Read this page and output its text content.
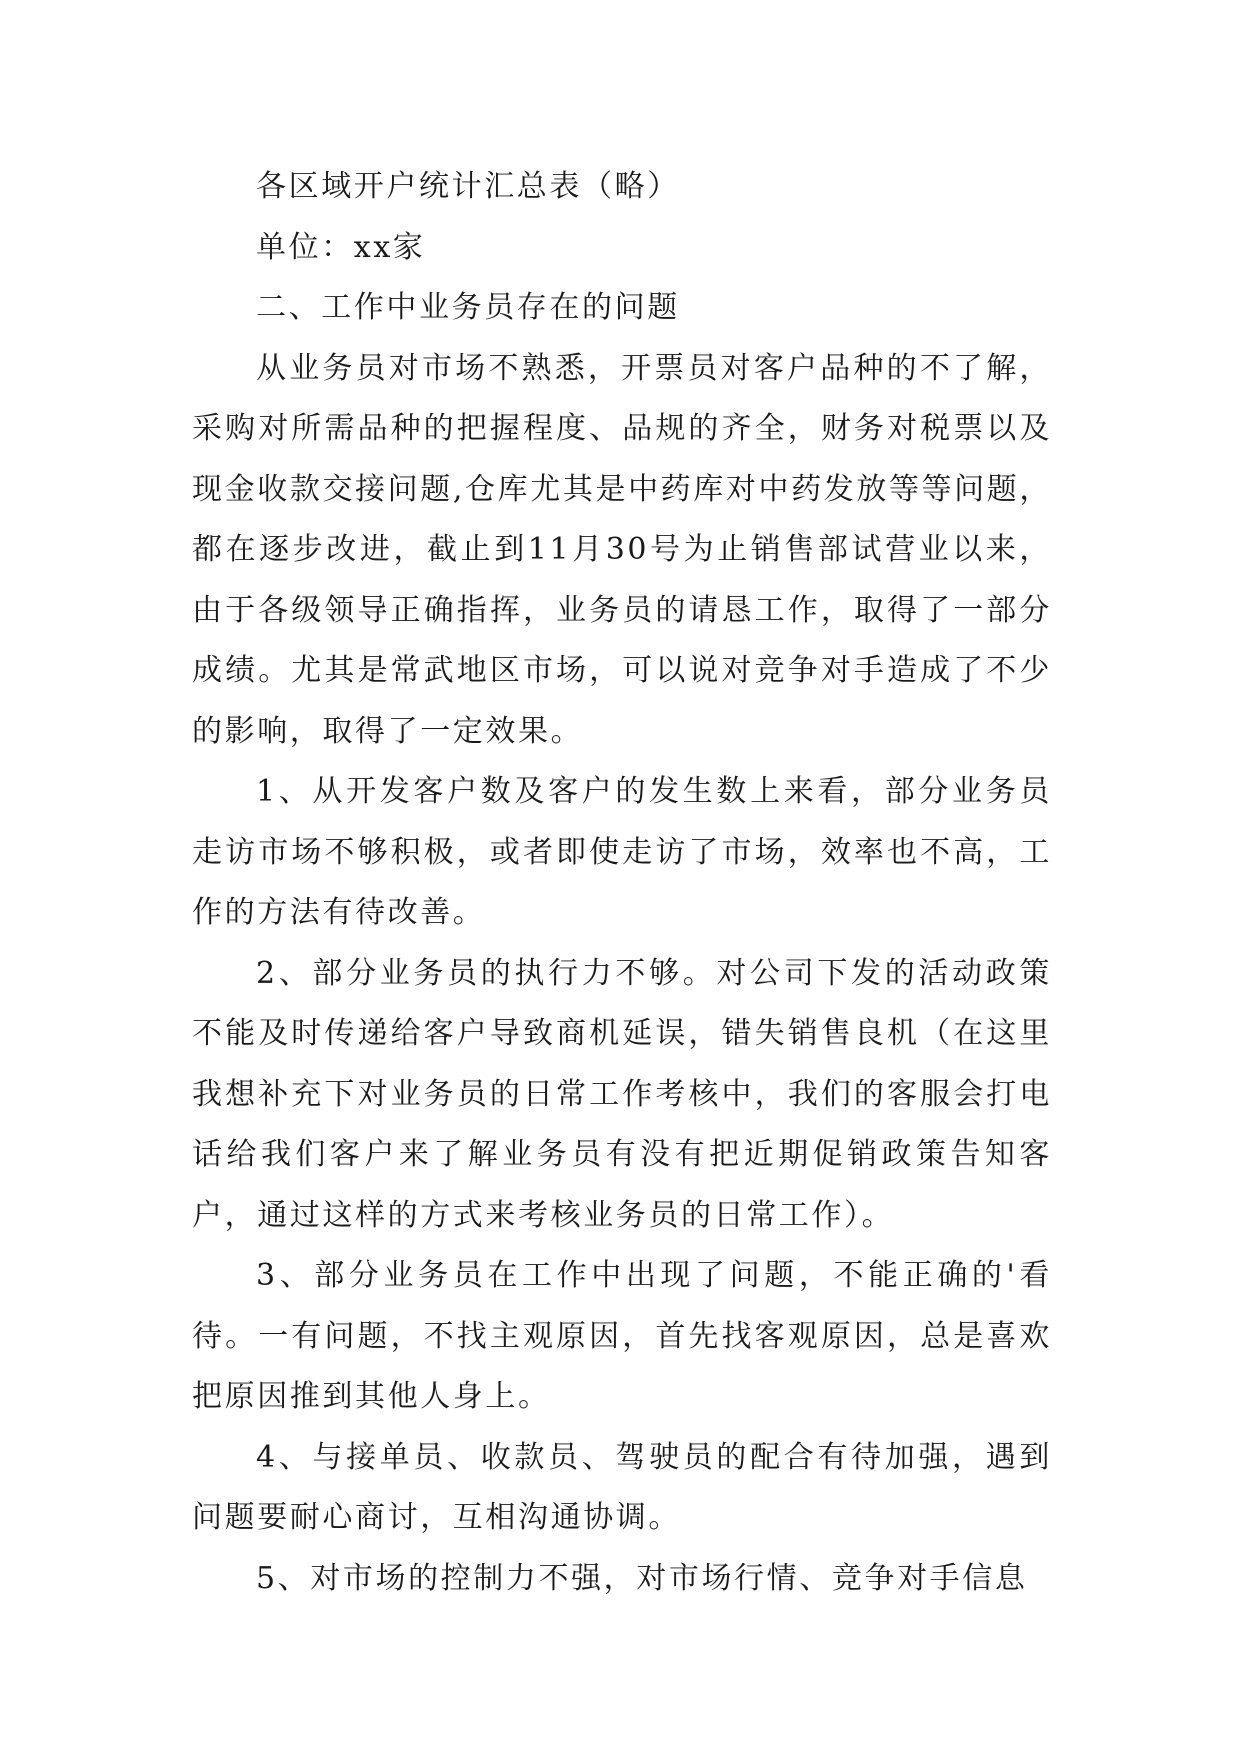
各区域开户统计汇总表（略）

单位：xx家

二、工作中业务员存在的问题

从业务员对市场不熟悉，开票员对客户品种的不了解，采购对所需品种的把握程度、品规的齐全，财务对税票以及现金收款交接问题,仓库尤其是中药库对中药发放等等问题，都在逐步改进，截止到11月30号为止销售部试营业以来，由于各级领导正确指挥，业务员的请恳工作，取得了一部分成绩。尤其是常武地区市场，可以说对竞争对手造成了不少的影响，取得了一定效果。

1、从开发客户数及客户的发生数上来看，部分业务员走访市场不够积极，或者即使走访了市场，效率也不高，工作的方法有待改善。

2、部分业务员的执行力不够。对公司下发的活动政策不能及时传递给客户导致商机延误，错失销售良机（在这里我想补充下对业务员的日常工作考核中，我们的客服会打电话给我们客户来了解业务员有没有把近期促销政策告知客户，通过这样的方式来考核业务员的日常工作）。

3、部分业务员在工作中出现了问题，不能正确的'看待。一有问题，不找主观原因，首先找客观原因，总是喜欢把原因推到其他人身上。

4、与接单员、收款员、驾驶员的配合有待加强，遇到问题要耐心商讨，互相沟通协调。

5、对市场的控制力不强，对市场行情、竞争对手信息
